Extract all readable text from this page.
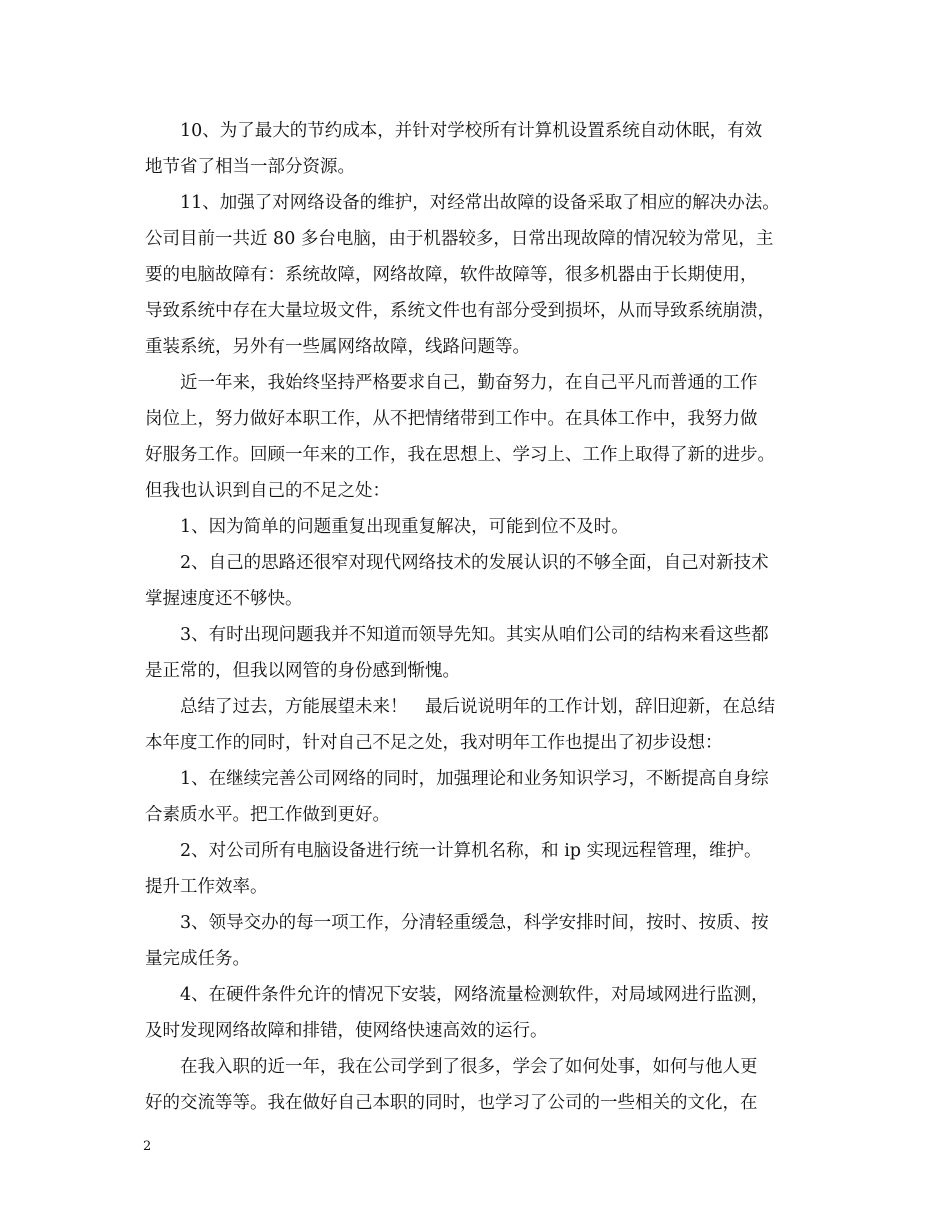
10、为了最大的节约成本，并针对学校所有计算机设置系统自动休眠，有效
地节省了相当一部分资源。
11、加强了对网络设备的维护，对经常出故障的设备采取了相应的解决办法。
公司目前一共近 80 多台电脑，由于机器较多，日常出现故障的情况较为常见，主
要的电脑故障有：系统故障，网络故障，软件故障等，很多机器由于长期使用，
导致系统中存在大量垃圾文件，系统文件也有部分受到损坏，从而导致系统崩溃，
重装系统，另外有一些属网络故障，线路问题等。
近一年来，我始终坚持严格要求自己，勤奋努力，在自己平凡而普通的工作
岗位上，努力做好本职工作，从不把情绪带到工作中。在具体工作中，我努力做
好服务工作。回顾一年来的工作，我在思想上、学习上、工作上取得了新的进步。
但我也认识到自己的不足之处：
1、因为简单的问题重复出现重复解决，可能到位不及时。
2、自己的思路还很窄对现代网络技术的发展认识的不够全面，自己对新技术
掌握速度还不够快。
3、有时出现问题我并不知道而领导先知。其实从咱们公司的结构来看这些都
是正常的，但我以网管的身份感到惭愧。
总结了过去，方能展望未来！　最后说说明年的工作计划，辞旧迎新，在总结
本年度工作的同时，针对自己不足之处，我对明年工作也提出了初步设想：
1、在继续完善公司网络的同时，加强理论和业务知识学习，不断提高自身综
合素质水平。把工作做到更好。
2、对公司所有电脑设备进行统一计算机名称，和 ip 实现远程管理，维护。
提升工作效率。
3、领导交办的每一项工作，分清轻重缓急，科学安排时间，按时、按质、按
量完成任务。
4、在硬件条件允许的情况下安装，网络流量检测软件，对局域网进行监测，
及时发现网络故障和排错，使网络快速高效的运行。
在我入职的近一年，我在公司学到了很多，学会了如何处事，如何与他人更
好的交流等等。我在做好自己本职的同时，也学习了公司的一些相关的文化，在
2
